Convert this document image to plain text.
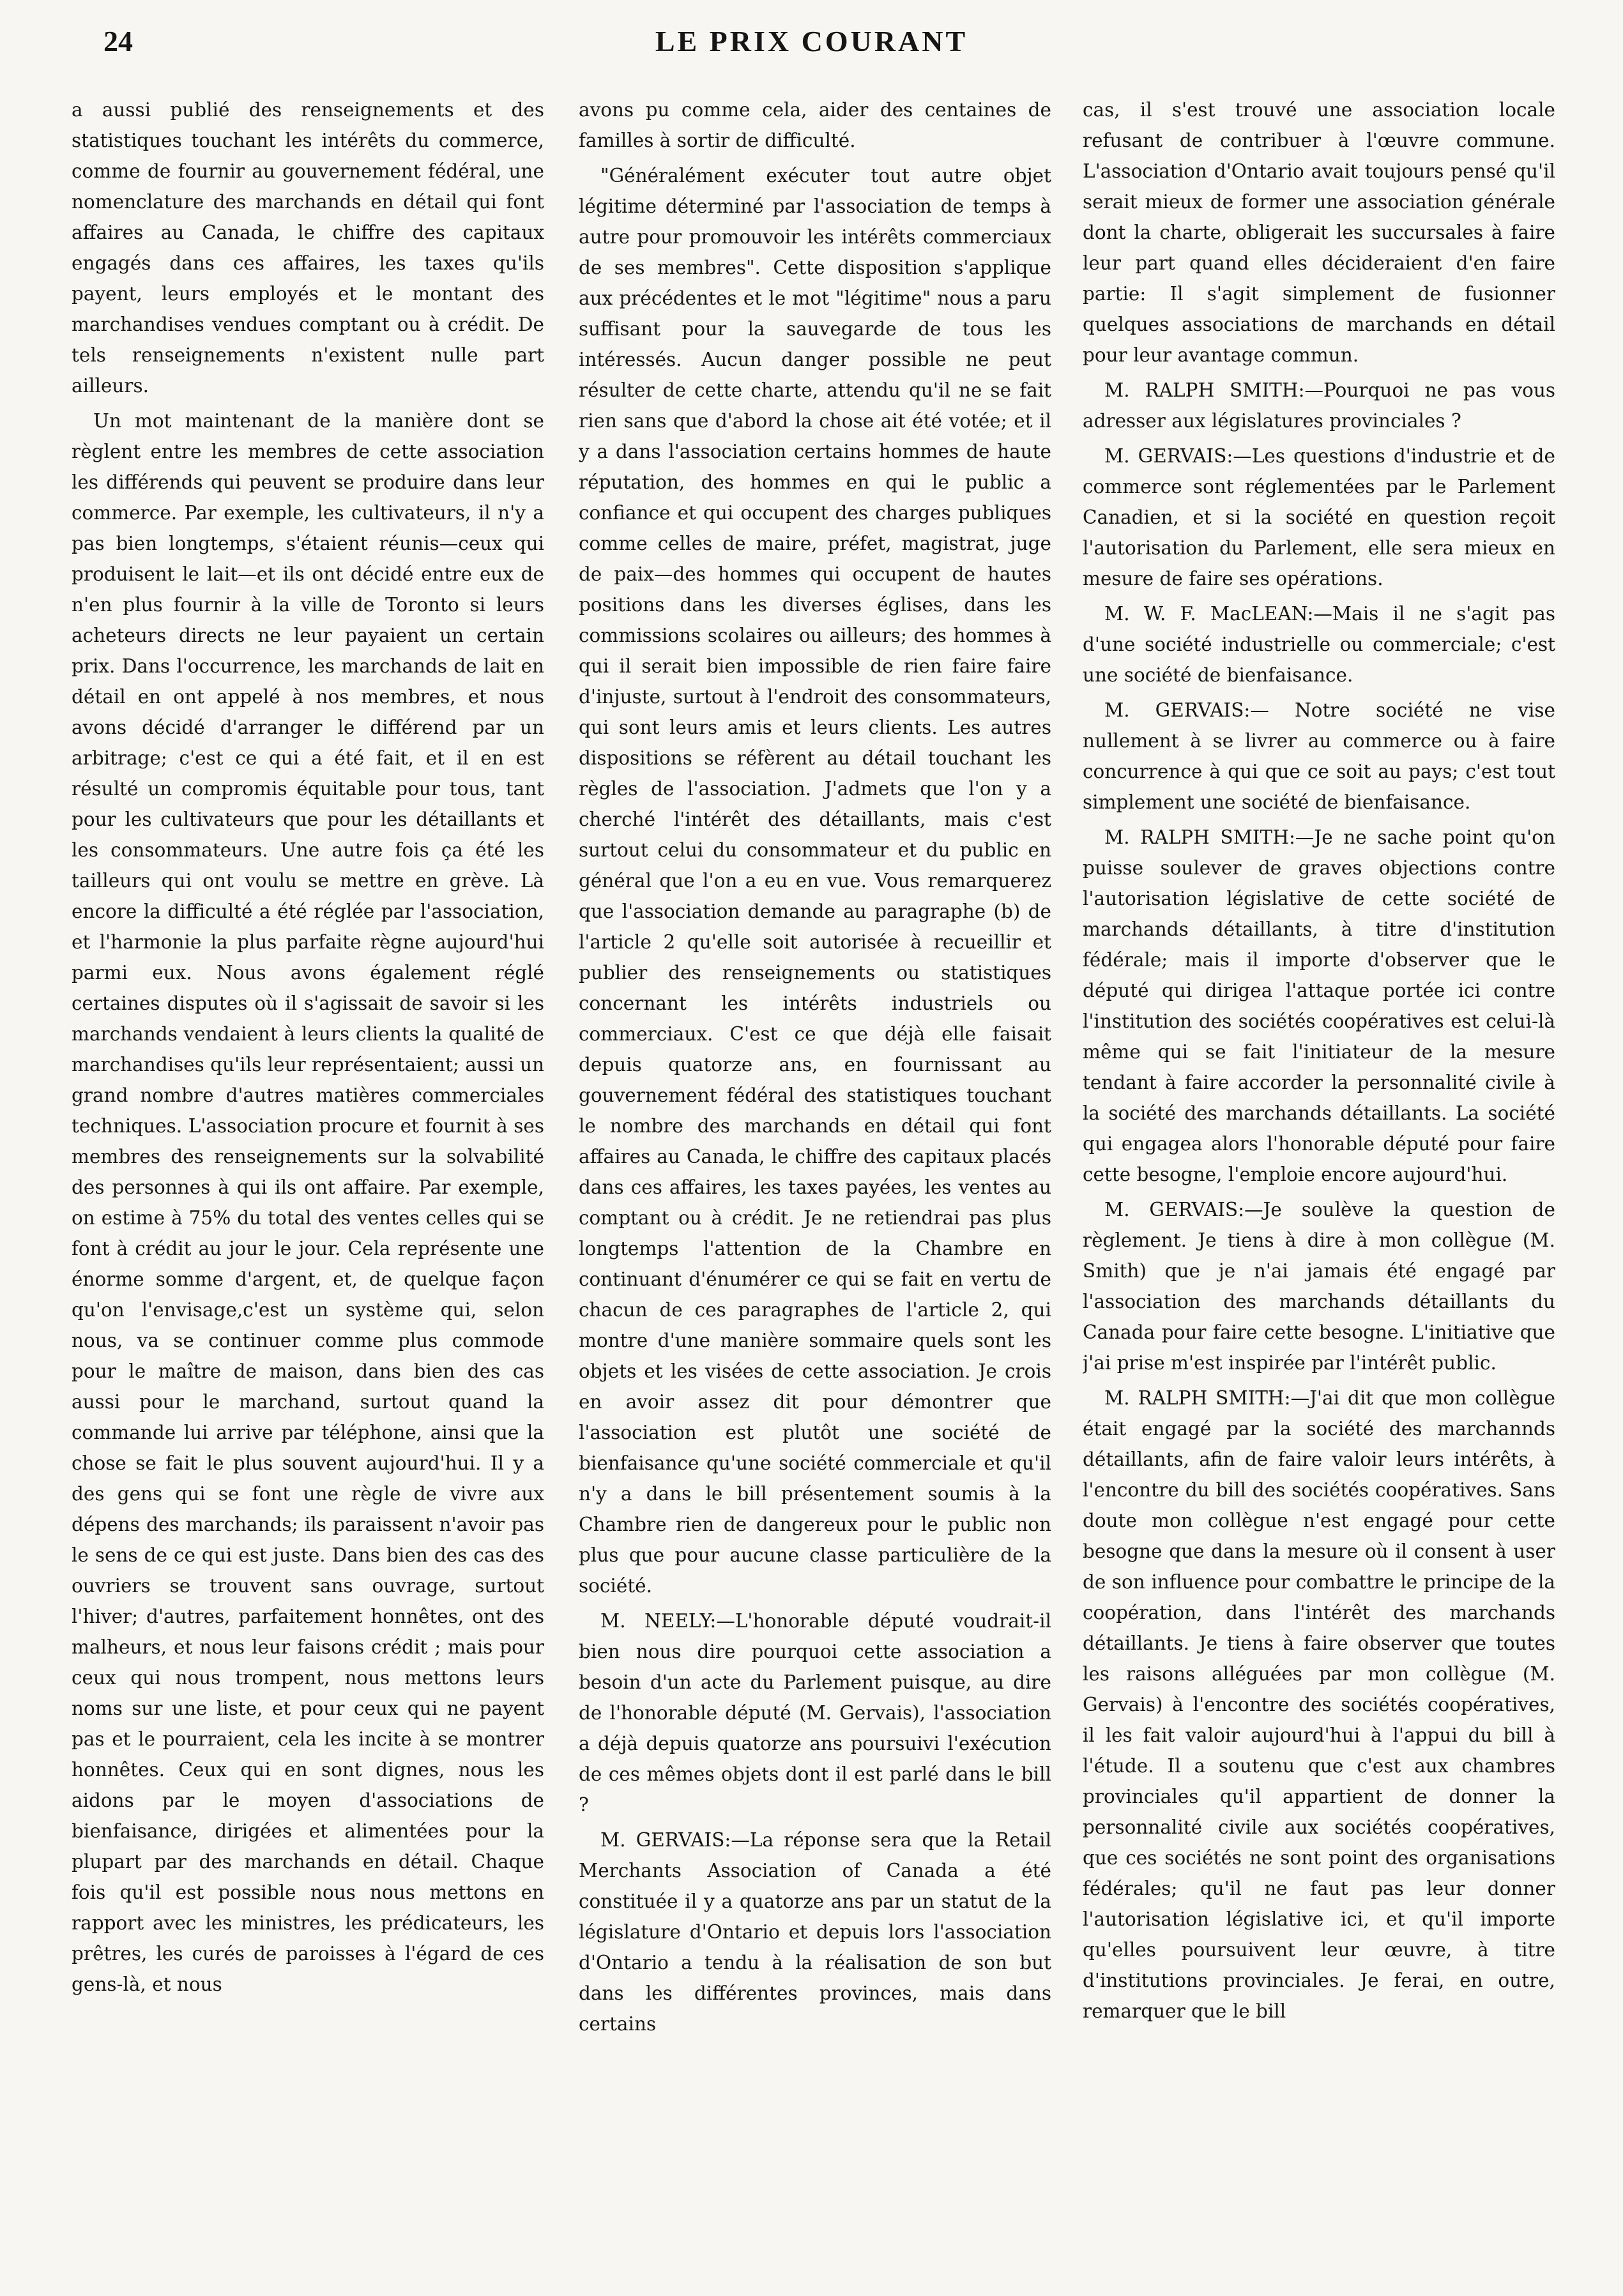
24	LE PRIX COURANT

a aussi publié des renseignements et des statistiques touchant les intérêts du commerce, comme de fournir au gouvernement fédéral, une nomenclature des marchands en détail qui font affaires au Canada, le chiffre des capitaux engagés dans ces affaires, les taxes qu'ils payent, leurs employés et le montant des marchandises vendues comptant ou à crédit. De tels renseignements n'existent nulle part ailleurs.

Un mot maintenant de la manière dont se règlent entre les membres de cette association les différends qui peuvent se produire dans leur commerce. Par exemple, les cultivateurs, il n'y a pas bien longtemps, s'étaient réunis—ceux qui produisent le lait—et ils ont décidé entre eux de n'en plus fournir à la ville de Toronto si leurs acheteurs directs ne leur payaient un certain prix. Dans l'occurrence, les marchands de lait en détail en ont appelé à nos membres, et nous avons décidé d'arranger le différend par un arbitrage; c'est ce qui a été fait, et il en est résulté un compromis équitable pour tous, tant pour les cultivateurs que pour les détaillants et les consommateurs. Une autre fois ça été les tailleurs qui ont voulu se mettre en grève. Là encore la difficulté a été réglée par l'association, et l'harmonie la plus parfaite règne aujourd'hui parmi eux. Nous avons également réglé certaines disputes où il s'agissait de savoir si les marchands vendaient à leurs clients la qualité de marchandises qu'ils leur représentaient; aussi un grand nombre d'autres matières commerciales techniques. L'association procure et fournit à ses membres des renseignements sur la solvabilité des personnes à qui ils ont affaire. Par exemple, on estime à 75% du total des ventes celles qui se font à crédit au jour le jour. Cela représente une énorme somme d'argent, et, de quelque façon qu'on l'envisage,c'est un système qui, selon nous, va se continuer comme plus commode pour le maître de maison, dans bien des cas aussi pour le marchand, surtout quand la commande lui arrive par téléphone, ainsi que la chose se fait le plus souvent aujourd'hui. Il y a des gens qui se font une règle de vivre aux dépens des marchands; ils paraissent n'avoir pas le sens de ce qui est juste. Dans bien des cas des ouvriers se trouvent sans ouvrage, surtout l'hiver; d'autres, parfaitement honnêtes, ont des malheurs, et nous leur faisons crédit ; mais pour ceux qui nous trompent, nous mettons leurs noms sur une liste, et pour ceux qui ne payent pas et le pourraient, cela les incite à se montrer honnêtes. Ceux qui en sont dignes, nous les aidons par le moyen d'associations de bienfaisance, dirigées et alimentées pour la plupart par des marchands en détail. Chaque fois qu'il est possible nous nous mettons en rapport avec les ministres, les prédicateurs, les prêtres, les curés de paroisses à l'égard de ces gens-là, et nous

avons pu comme cela, aider des centaines de familles à sortir de difficulté.

"Généralément exécuter tout autre objet légitime déterminé par l'association de temps à autre pour promouvoir les intérêts commerciaux de ses membres". Cette disposition s'applique aux précédentes et le mot "légitime" nous a paru suffisant pour la sauvegarde de tous les intéressés. Aucun danger possible ne peut résulter de cette charte, attendu qu'il ne se fait rien sans que d'abord la chose ait été votée; et il y a dans l'association certains hommes de haute réputation, des hommes en qui le public a confiance et qui occupent des charges publiques comme celles de maire, préfet, magistrat, juge de paix—des hommes qui occupent de hautes positions dans les diverses églises, dans les commissions scolaires ou ailleurs; des hommes à qui il serait bien impossible de rien faire faire d'injuste, surtout à l'endroit des consommateurs, qui sont leurs amis et leurs clients. Les autres dispositions se réfèrent au détail touchant les règles de l'association. J'admets que l'on y a cherché l'intérêt des détaillants, mais c'est surtout celui du consommateur et du public en général que l'on a eu en vue. Vous remarquerez que l'association demande au paragraphe (b) de l'article 2 qu'elle soit autorisée à recueillir et publier des renseignements ou statistiques concernant les intérêts industriels ou commerciaux. C'est ce que déjà elle faisait depuis quatorze ans, en fournissant au gouvernement fédéral des statistiques touchant le nombre des marchands en détail qui font affaires au Canada, le chiffre des capitaux placés dans ces affaires, les taxes payées, les ventes au comptant ou à crédit. Je ne retiendrai pas plus longtemps l'attention de la Chambre en continuant d'énumérer ce qui se fait en vertu de chacun de ces paragraphes de l'article 2, qui montre d'une manière sommaire quels sont les objets et les visées de cette association. Je crois en avoir assez dit pour démontrer que l'association est plutôt une société de bienfaisance qu'une société commerciale et qu'il n'y a dans le bill présentement soumis à la Chambre rien de dangereux pour le public non plus que pour aucune classe particulière de la société.

M. NEELY:—L'honorable député voudrait-il bien nous dire pourquoi cette association a besoin d'un acte du Parlement puisque, au dire de l'honorable député (M. Gervais), l'association a déjà depuis quatorze ans poursuivi l'exécution de ces mêmes objets dont il est parlé dans le bill ?

M. GERVAIS:—La réponse sera que la Retail Merchants Association of Canada a été constituée il y a quatorze ans par un statut de la législature d'Ontario et depuis lors l'association d'Ontario a tendu à la réalisation de son but dans les différentes provinces, mais dans certains

cas, il s'est trouvé une association locale refusant de contribuer à l'œuvre commune. L'association d'Ontario avait toujours pensé qu'il serait mieux de former une association générale dont la charte, obligerait les succursales à faire leur part quand elles décideraient d'en faire partie: Il s'agit simplement de fusionner quelques associations de marchands en détail pour leur avantage commun.

M. RALPH SMITH:—Pourquoi ne pas vous adresser aux législatures provinciales ?

M. GERVAIS:—Les questions d'industrie et de commerce sont réglementées par le Parlement Canadien, et si la société en question reçoit l'autorisation du Parlement, elle sera mieux en mesure de faire ses opérations.

M. W. F. MacLEAN:—Mais il ne s'agit pas d'une société industrielle ou commerciale; c'est une société de bienfaisance.

M. GERVAIS:— Notre société ne vise nullement à se livrer au commerce ou à faire concurrence à qui que ce soit au pays; c'est tout simplement une société de bienfaisance.

M. RALPH SMITH:—Je ne sache point qu'on puisse soulever de graves objections contre l'autorisation législative de cette société de marchands détaillants, à titre d'institution fédérale; mais il importe d'observer que le député qui dirigea l'attaque portée ici contre l'institution des sociétés coopératives est celui-là même qui se fait l'initiateur de la mesure tendant à faire accorder la personnalité civile à la société des marchands détaillants. La société qui engagea alors l'honorable député pour faire cette besogne, l'emploie encore aujourd'hui.

M. GERVAIS:—Je soulève la question de règlement. Je tiens à dire à mon collègue (M. Smith) que je n'ai jamais été engagé par l'association des marchands détaillants du Canada pour faire cette besogne. L'initiative que j'ai prise m'est inspirée par l'intérêt public.

M. RALPH SMITH:—J'ai dit que mon collègue était engagé par la société des marchannds détaillants, afin de faire valoir leurs intérêts, à l'encontre du bill des sociétés coopératives. Sans doute mon collègue n'est engagé pour cette besogne que dans la mesure où il consent à user de son influence pour combattre le principe de la coopération, dans l'intérêt des marchands détaillants. Je tiens à faire observer que toutes les raisons alléguées par mon collègue (M. Gervais) à l'encontre des sociétés coopératives, il les fait valoir aujourd'hui à l'appui du bill à l'étude. Il a soutenu que c'est aux chambres provinciales qu'il appartient de donner la personnalité civile aux sociétés coopératives, que ces sociétés ne sont point des organisations fédérales; qu'il ne faut pas leur donner l'autorisation législative ici, et qu'il importe qu'elles poursuivent leur œuvre, à titre d'institutions provinciales. Je ferai, en outre, remarquer que le bill
